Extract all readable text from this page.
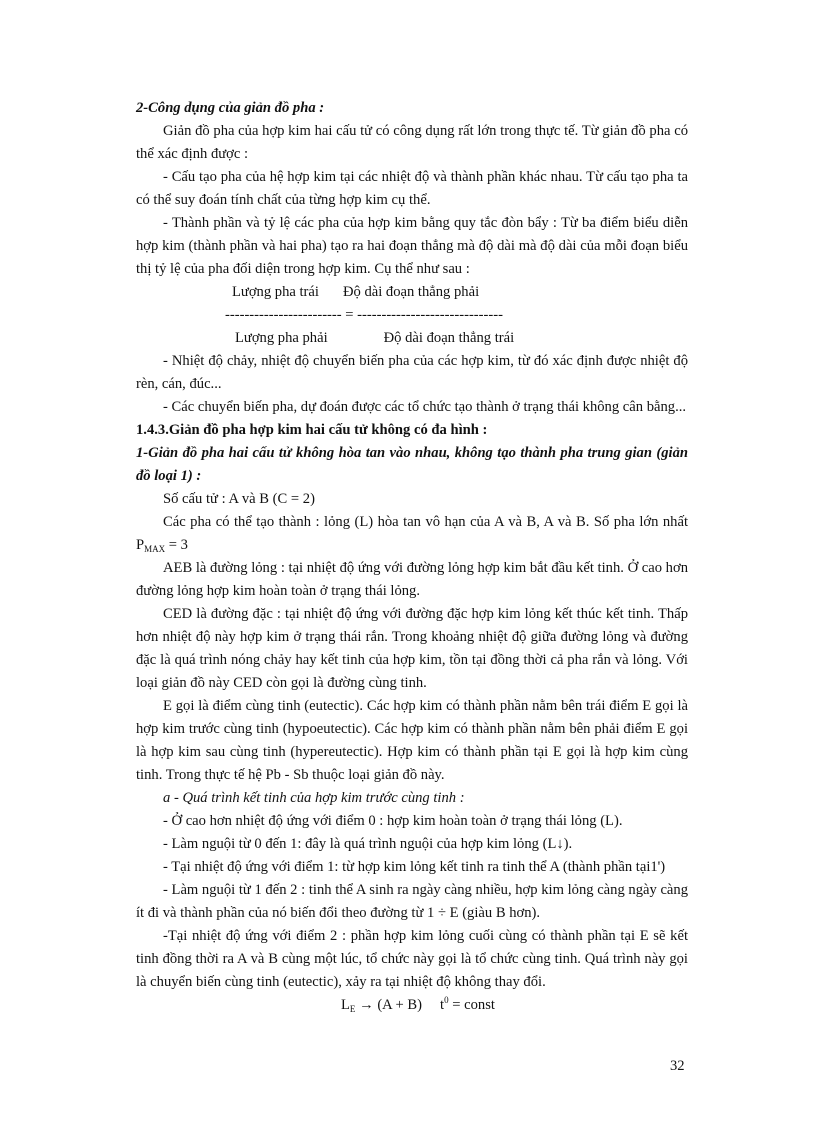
2-Công dụng của giản đồ pha :

Giản đồ pha của hợp kim hai cấu tử có công dụng rất lớn trong thực tế. Từ giản đồ pha có thể xác định được :

- Cấu tạo pha của hệ hợp kim tại các nhiệt độ và thành phần khác nhau. Từ cấu tạo pha ta có thể suy đoán tính chất của từng hợp kim cụ thể.

- Thành phần và tỷ lệ các pha của hợp kim bằng quy tắc đòn bẩy : Từ ba điểm biểu diễn hợp kim (thành phần và hai pha) tạo ra hai đoạn thẳng mà độ dài mà độ dài của mỗi đoạn biểu thị tỷ lệ của pha đối diện trong hợp kim. Cụ thể như sau :

Lượng pha trái Độ dài đoạn thẳng phải

------------------------ = ------------------------------

Lượng pha phải	Độ dài đoạn thẳng trái

- Nhiệt độ chảy, nhiệt độ chuyển biến pha của các hợp kim, từ đó xác định được nhiệt độ rèn, cán, đúc...

- Các chuyển biến pha, dự đoán được các tổ chức tạo thành ở trạng thái không cân bằng...

1.4.3.Giản đồ pha hợp kim hai cấu tử không có đa hình :

1-Giản đồ pha hai cấu tử không hòa tan vào nhau, không tạo thành pha trung gian (giản đồ loại 1) :

Số cấu tử : A và B (C = 2)

Các pha có thể tạo thành : lỏng (L) hòa tan vô hạn của A và B, A và B. Số pha lớn nhất $P_{MAX} = 3$

AEB là đường lỏng : tại nhiệt độ ứng với đường lỏng hợp kim bắt đầu kết tinh. Ở cao hơn đường lỏng hợp kim hoàn toàn ở trạng thái lỏng.

CED là đường đặc : tại nhiệt độ ứng với đường đặc hợp kim lỏng kết thúc kết tinh. Thấp hơn nhiệt độ này hợp kim ở trạng thái rắn. Trong khoảng nhiệt độ giữa đường lỏng và đường đặc là quá trình nóng chảy hay kết tinh của hợp kim, tồn tại đồng thời cả pha rắn và lỏng. Với loại giản đồ này CED còn gọi là đường cùng tinh.

E gọi là điểm cùng tinh (eutectic). Các hợp kim có thành phần nằm bên trái điểm E gọi là hợp kim trước cùng tinh (hypoeutectic). Các hợp kim có thành phần nằm bên phải điểm E gọi là hợp kim sau cùng tinh (hypereutectic). Hợp kim có thành phần tại E gọi là hợp kim cùng tinh. Trong thực tế hệ Pb - Sb thuộc loại giản đồ này.

a - Quá trình kết tinh của hợp kim trước cùng tinh :

- Ở cao hơn nhiệt độ ứng với điểm 0 : hợp kim hoàn toàn ở trạng thái lỏng (L).

- Làm nguội từ 0 đến 1: đây là quá trình nguội của hợp kim lỏng (L↓).

- Tại nhiệt độ ứng với điểm 1: từ hợp kim lỏng kết tinh ra tinh thể A (thành phần tại1')

- Làm nguội từ 1 đến 2 : tinh thể A sinh ra ngày càng nhiều, hợp kim lỏng càng ngày càng ít đi và thành phần của nó biến đổi theo đường từ 1 ÷ E (giàu B hơn).

-Tại nhiệt độ ứng với điểm 2 : phần hợp kim lỏng cuối cùng có thành phần tại E sẽ kết tinh đồng thời ra A và B cùng một lúc, tổ chức này gọi là tổ chức cùng tinh. Quá trình này gọi là chuyển biến cùng tinh (eutectic), xảy ra tại nhiệt độ không thay đổi.

$L_E \to (A + B) t^0$ = const

32
